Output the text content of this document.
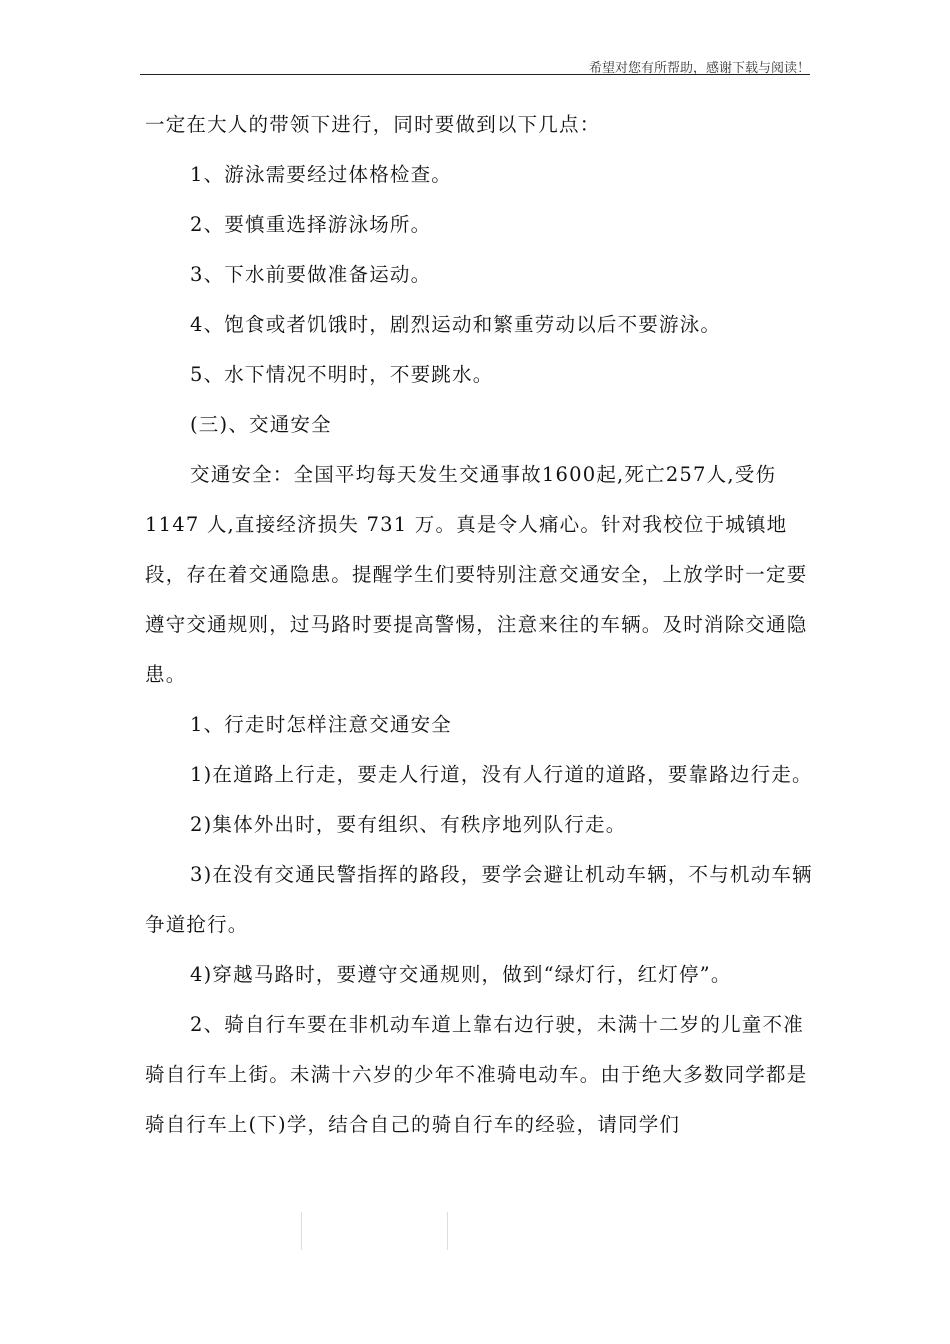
希望对您有所帮助，感谢下载与阅读！

一定在大人的带领下进行，同时要做到以下几点：

1、游泳需要经过体格检查。

2、要慎重选择游泳场所。

3、下水前要做准备运动。

4、饱食或者饥饿时，剧烈运动和繁重劳动以后不要游泳。

5、水下情况不明时，不要跳水。

(三)、交通安全

交通安全：全国平均每天发生交通事故1600起,死亡257人,受伤 1147 人,直接经济损失 731 万。真是令人痛心。针对我校位于城镇地段，存在着交通隐患。提醒学生们要特别注意交通安全，上放学时一定要遵守交通规则，过马路时要提高警惕，注意来往的车辆。及时消除交通隐患。

1、行走时怎样注意交通安全

1)在道路上行走，要走人行道，没有人行道的道路，要靠路边行走。

2)集体外出时，要有组织、有秩序地列队行走。

3)在没有交通民警指挥的路段，要学会避让机动车辆，不与机动车辆争道抢行。

4)穿越马路时，要遵守交通规则，做到“绿灯行，红灯停”。

2、骑自行车要在非机动车道上靠右边行驶，未满十二岁的儿童不准骑自行车上街。未满十六岁的少年不准骑电动车。由于绝大多数同学都是骑自行车上(下)学，结合自己的骑自行车的经验，请同学们
